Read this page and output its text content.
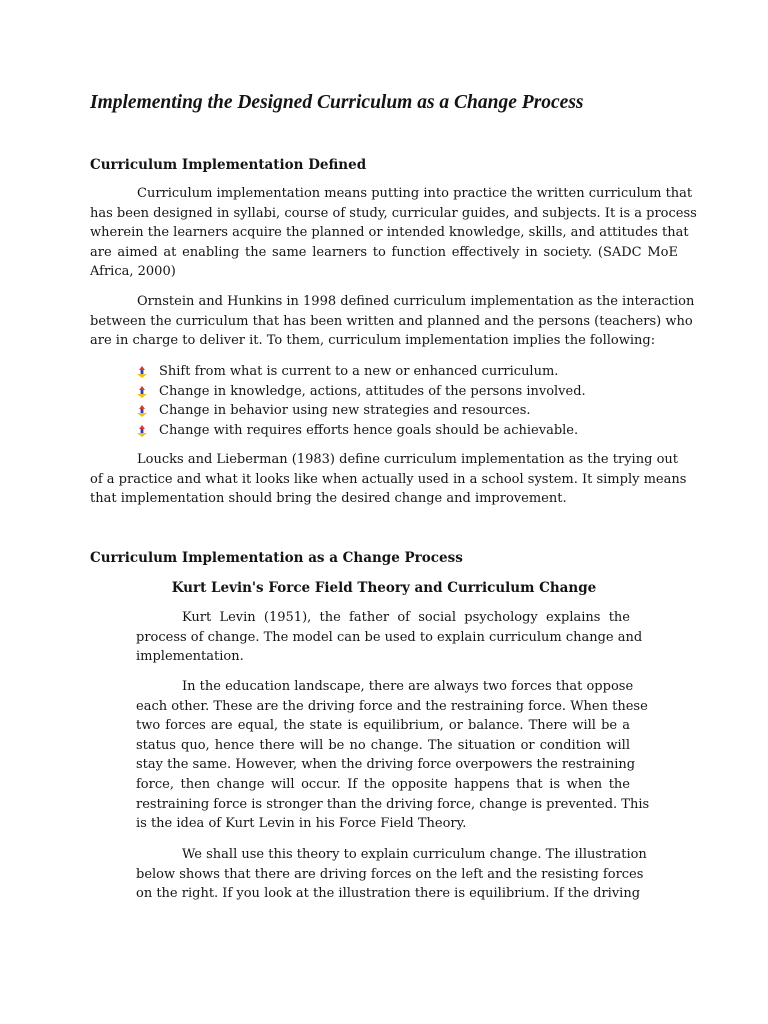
Implementing the Designed Curriculum as a Change Process
Curriculum Implementation Defined
Curriculum implementation means putting into practice the written curriculum that
has been designed in syllabi, course of study, curricular guides, and subjects. It is a process
wherein the learners acquire the planned or intended knowledge, skills, and attitudes that
are aimed at enabling the same learners to function effectively in society. (SADC MoE
Africa, 2000)
Ornstein and Hunkins in 1998 defined curriculum implementation as the interaction
between the curriculum that has been written and planned and the persons (teachers) who
are in charge to deliver it. To them, curriculum implementation implies the following:
Shift from what is current to a new or enhanced curriculum.
Change in knowledge, actions, attitudes of the persons involved.
Change in behavior using new strategies and resources.
Change with requires efforts hence goals should be achievable.
Loucks and Lieberman (1983) define curriculum implementation as the trying out
of a practice and what it looks like when actually used in a school system. It simply means
that implementation should bring the desired change and improvement.
Curriculum Implementation as a Change Process
Kurt Levin's Force Field Theory and Curriculum Change
Kurt Levin (1951), the father of social psychology explains the
process of change. The model can be used to explain curriculum change and
implementation.
In the education landscape, there are always two forces that oppose
each other. These are the driving force and the restraining force. When these
two forces are equal, the state is equilibrium, or balance. There will be a
status quo, hence there will be no change. The situation or condition will
stay the same. However, when the driving force overpowers the restraining
force, then change will occur. If the opposite happens that is when the
restraining force is stronger than the driving force, change is prevented. This
is the idea of Kurt Levin in his Force Field Theory.
We shall use this theory to explain curriculum change. The illustration
below shows that there are driving forces on the left and the resisting forces
on the right. If you look at the illustration there is equilibrium. If the driving
